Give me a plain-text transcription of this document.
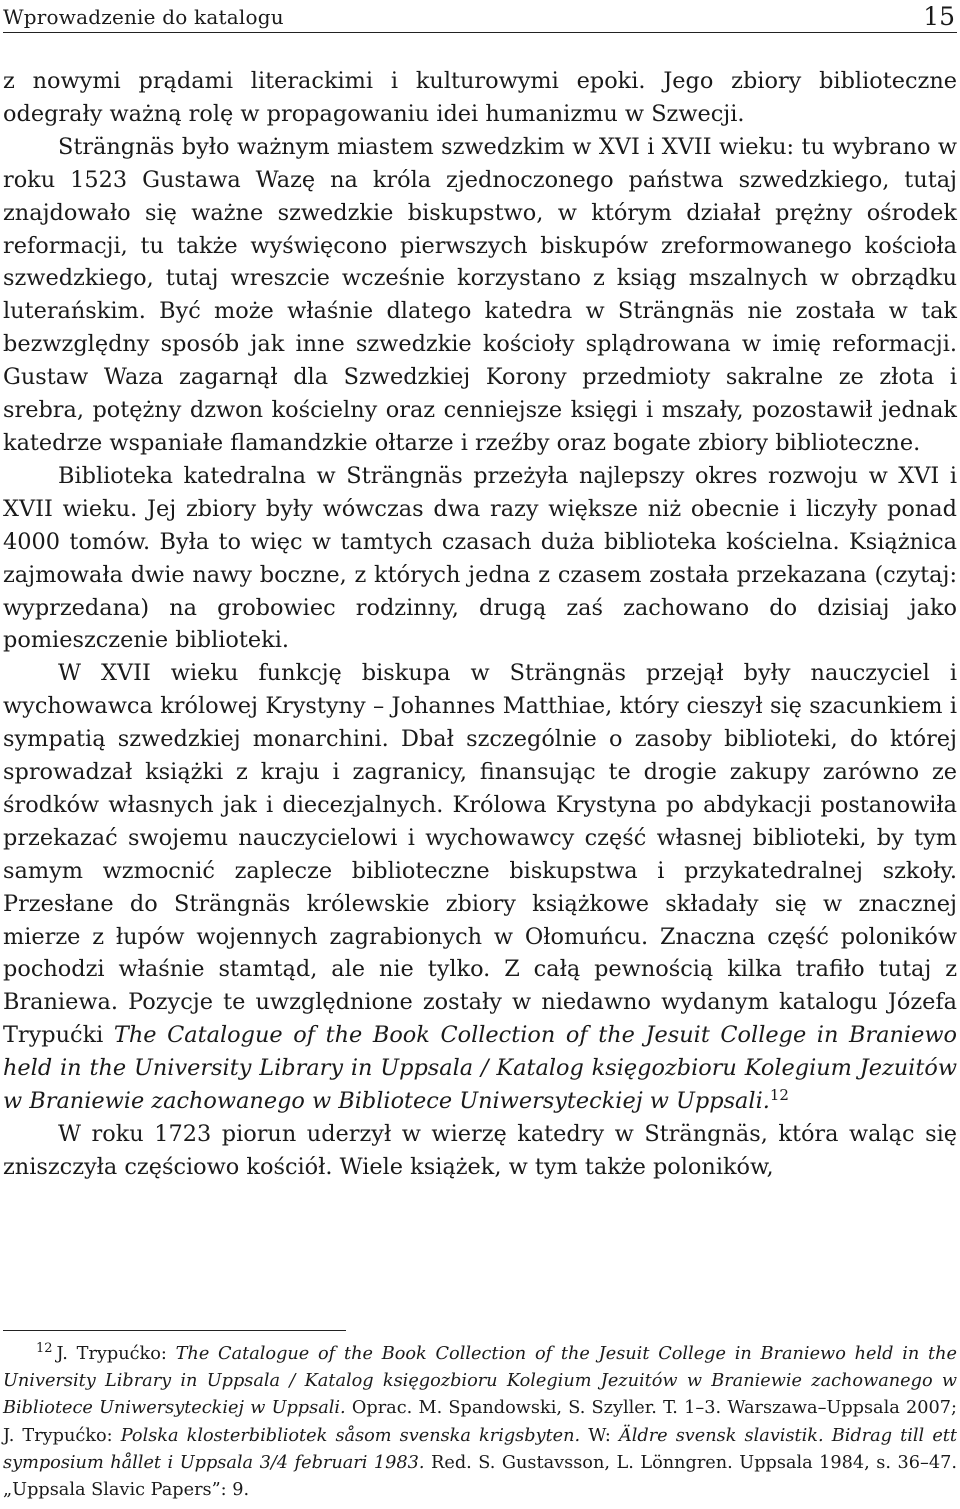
Wprowadzenie do katalogu	15

z nowymi prądami literackimi i kulturowymi epoki. Jego zbiory biblioteczne odegrały ważną rolę w propagowaniu idei humanizmu w Szwecji.

Strängnäs było ważnym miastem szwedzkim w XVI i XVII wieku: tu wybrano w roku 1523 Gustawa Wazę na króla zjednoczonego państwa szwedzkiego, tutaj znajdowało się ważne szwedzkie biskupstwo, w którym działał prężny ośrodek reformacji, tu także wyświęcono pierwszych biskupów zreformowanego kościoła szwedzkiego, tutaj wreszcie wcześnie korzystano z ksiąg mszalnych w obrządku luterańskim. Być może właśnie dlatego katedra w Strängnäs nie została w tak bezwzględny sposób jak inne szwedzkie kościoły splądrowana w imię reformacji. Gustaw Waza zagarnął dla Szwedzkiej Korony przedmioty sakralne ze złota i srebra, potężny dzwon kościelny oraz cenniejsze księgi i mszały, pozostawił jednak katedrze wspaniałe flamandzkie ołtarze i rzeźby oraz bogate zbiory biblioteczne.

Biblioteka katedralna w Strängnäs przeżyła najlepszy okres rozwoju w XVI i XVII wieku. Jej zbiory były wówczas dwa razy większe niż obecnie i liczyły ponad 4000 tomów. Była to więc w tamtych czasach duża biblioteka kościelna. Książnica zajmowała dwie nawy boczne, z których jedna z czasem została przekazana (czytaj: wyprzedana) na grobowiec rodzinny, drugą zaś zachowano do dzisiaj jako pomieszczenie biblioteki.

W XVII wieku funkcję biskupa w Strängnäs przejął były nauczyciel i wychowawca królowej Krystyny – Johannes Matthiae, który cieszył się szacunkiem i sympatią szwedzkiej monarchini. Dbał szczególnie o zasoby biblioteki, do której sprowadzał książki z kraju i zagranicy, finansując te drogie zakupy zarówno ze środków własnych jak i diecezjalnych. Królowa Krystyna po abdykacji postanowiła przekazać swojemu nauczycielowi i wychowawcy część własnej biblioteki, by tym samym wzmocnić zaplecze biblioteczne biskupstwa i przykatedralnej szkoły. Przesłane do Strängnäs królewskie zbiory książkowe składały się w znacznej mierze z łupów wojennych zagrabionych w Ołomuńcu. Znaczna część poloników pochodzi właśnie stamtąd, ale nie tylko. Z całą pewnością kilka trafiło tutaj z Braniewa. Pozycje te uwzględnione zostały w niedawno wydanym katalogu Józefa Trypućki The Catalogue of the Book Collection of the Jesuit College in Braniewo held in the University Library in Uppsala / Katalog księgozbioru Kolegium Jezuitów w Braniewie zachowanego w Bibliotece Uniwersyteckiej w Uppsali.$^{12}$

W roku 1723 piorun uderzył w wierzę katedry w Strängnäs, która waląc się zniszczyła częściowo kościół. Wiele książek, w tym także poloników,

$^{12}$ J. Trypućko: The Catalogue of the Book Collection of the Jesuit College in Braniewo held in the University Library in Uppsala / Katalog księgozbioru Kolegium Jezuitów w Braniewie zachowanego w Bibliotece Uniwersyteckiej w Uppsali. Oprac. M. Spandowski, S. Szyller. T. 1–3. Warszawa–Uppsala 2007; J. Trypućko: Polska klosterbibliotek såsom svenska krigsbyten. W: Äldre svensk slavistik. Bidrag till ett symposium hållet i Uppsala 3/4 februari 1983. Red. S. Gustavsson, L. Lönngren. Uppsala 1984, s. 36–47. „Uppsala Slavic Papers”: 9.
